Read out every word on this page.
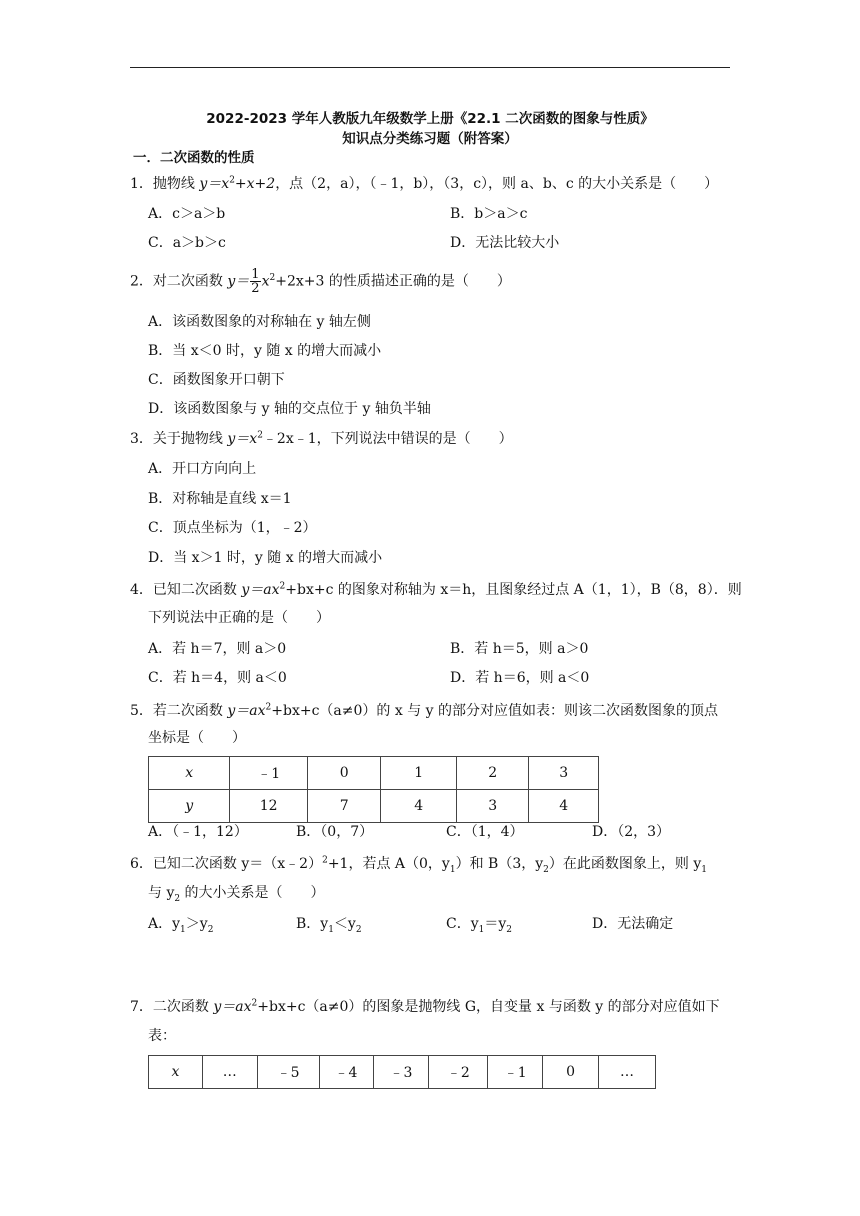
2022-2023 学年人教版九年级数学上册《22.1 二次函数的图象与性质》
知识点分类练习题（附答案）
一．二次函数的性质
1．抛物线 $y=x^2+x+2$，点（2，a），（﹣1，b），（3，c），则 a、b、c 的大小关系是（　　）
A．c＞a＞b	B．b＞a＞c
C．a＞b＞c	D．无法比较大小
2．对二次函数 $y= \frac{1}{2} x^2+2x+3$ 的性质描述正确的是（　　）
A．该函数图象的对称轴在 y 轴左侧
B．当 x＜0 时，y 随 x 的增大而减小
C．函数图象开口朝下
D．该函数图象与 y 轴的交点位于 y 轴负半轴
3．关于抛物线 $y=x^2﹣2x﹣1$，下列说法中错误的是（　　）
A．开口方向向上
B．对称轴是直线 x＝1
C．顶点坐标为（1，﹣2）
D．当 x＞1 时，y 随 x 的增大而减小
4．已知二次函数 $y=ax^2+bx+c$ 的图象对称轴为 x＝h，且图象经过点 A（1，1），B（8，8）．则
下列说法中正确的是（　　）
A．若 h＝7，则 a＞0	B．若 h＝5，则 a＞0
C．若 h＝4，则 a＜0	D．若 h＝6，则 a＜0
5．若二次函数 $y=ax^2+bx+c(a\ne 0)$的 x 与 y 的部分对应值如表：则该二次函数图象的顶点
坐标是（　　）
x	﹣1	0	1	2	3
y	12	7	4	3	4
A．（﹣1，12）	B．（0，7）	C．（1，4）	D．（2，3）
6．已知二次函数 y＝（x﹣2）$^2$+1，若点 A（0，$y_1$）和 B（3，$y_2$）在此函数图象上，则 $y_1$
与 $y_2$ 的大小关系是（　　）
A．$y_1>y_2$	B．$y_1<y_2$	C．$y_1=y_2$	D．无法确定
7．二次函数 $y=ax^2+bx+c(a\ne 0)$的图象是抛物线 G，自变量 x 与函数 y 的部分对应值如下
表：
x	…	﹣5	﹣4	﹣3	﹣2	﹣1	0	…
